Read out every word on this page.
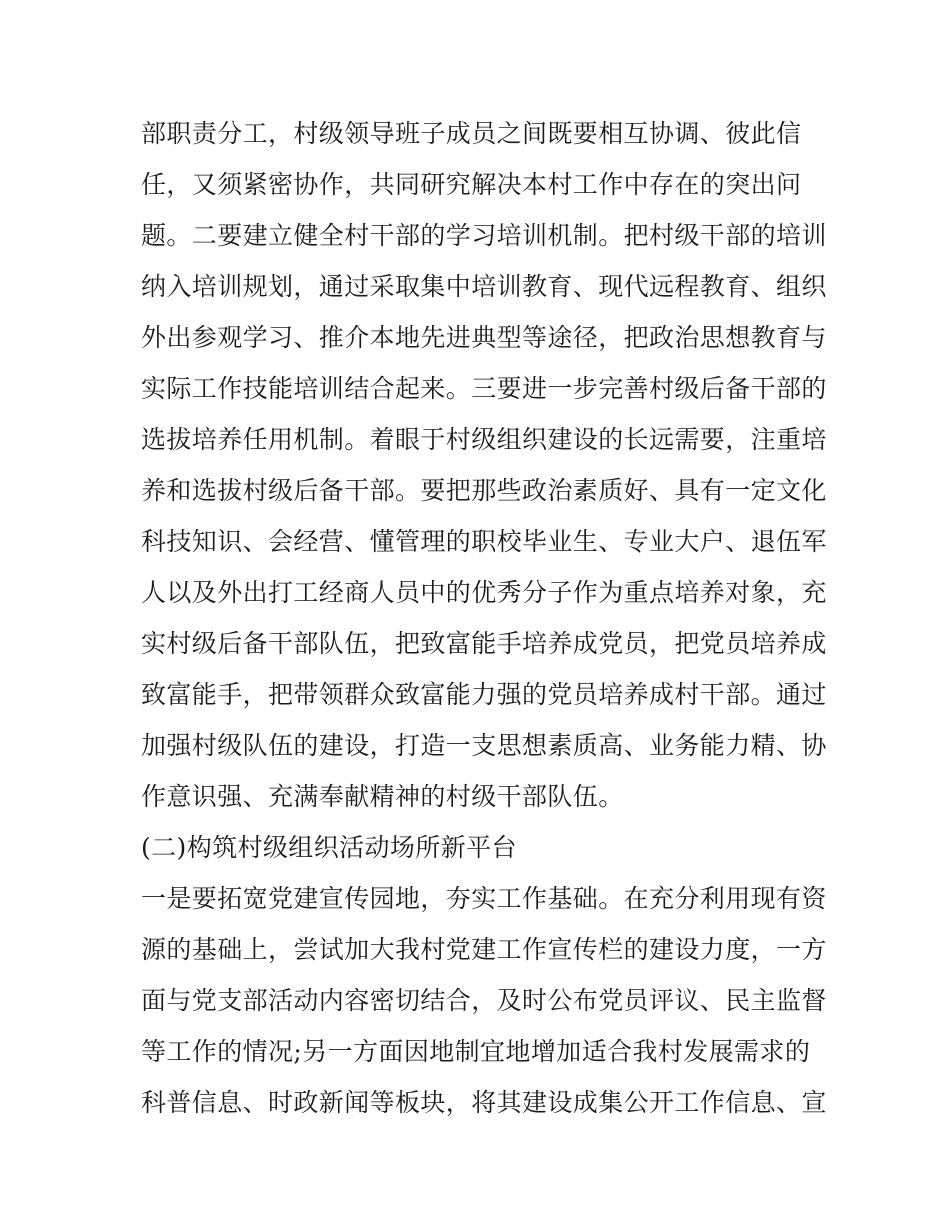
部职责分工，村级领导班子成员之间既要相互协调、彼此信
任，又须紧密协作，共同研究解决本村工作中存在的突出问
题。二要建立健全村干部的学习培训机制。把村级干部的培训
纳入培训规划，通过采取集中培训教育、现代远程教育、组织
外出参观学习、推介本地先进典型等途径，把政治思想教育与
实际工作技能培训结合起来。三要进一步完善村级后备干部的
选拔培养任用机制。着眼于村级组织建设的长远需要，注重培
养和选拔村级后备干部。要把那些政治素质好、具有一定文化
科技知识、会经营、懂管理的职校毕业生、专业大户、退伍军
人以及外出打工经商人员中的优秀分子作为重点培养对象，充
实村级后备干部队伍，把致富能手培养成党员，把党员培养成
致富能手，把带领群众致富能力强的党员培养成村干部。通过
加强村级队伍的建设，打造一支思想素质高、业务能力精、协
作意识强、充满奉献精神的村级干部队伍。
(二)构筑村级组织活动场所新平台
一是要拓宽党建宣传园地，夯实工作基础。在充分利用现有资
源的基础上，尝试加大我村党建工作宣传栏的建设力度，一方
面与党支部活动内容密切结合，及时公布党员评议、民主监督
等工作的情况;另一方面因地制宜地增加适合我村发展需求的
科普信息、时政新闻等板块，将其建设成集公开工作信息、宣
